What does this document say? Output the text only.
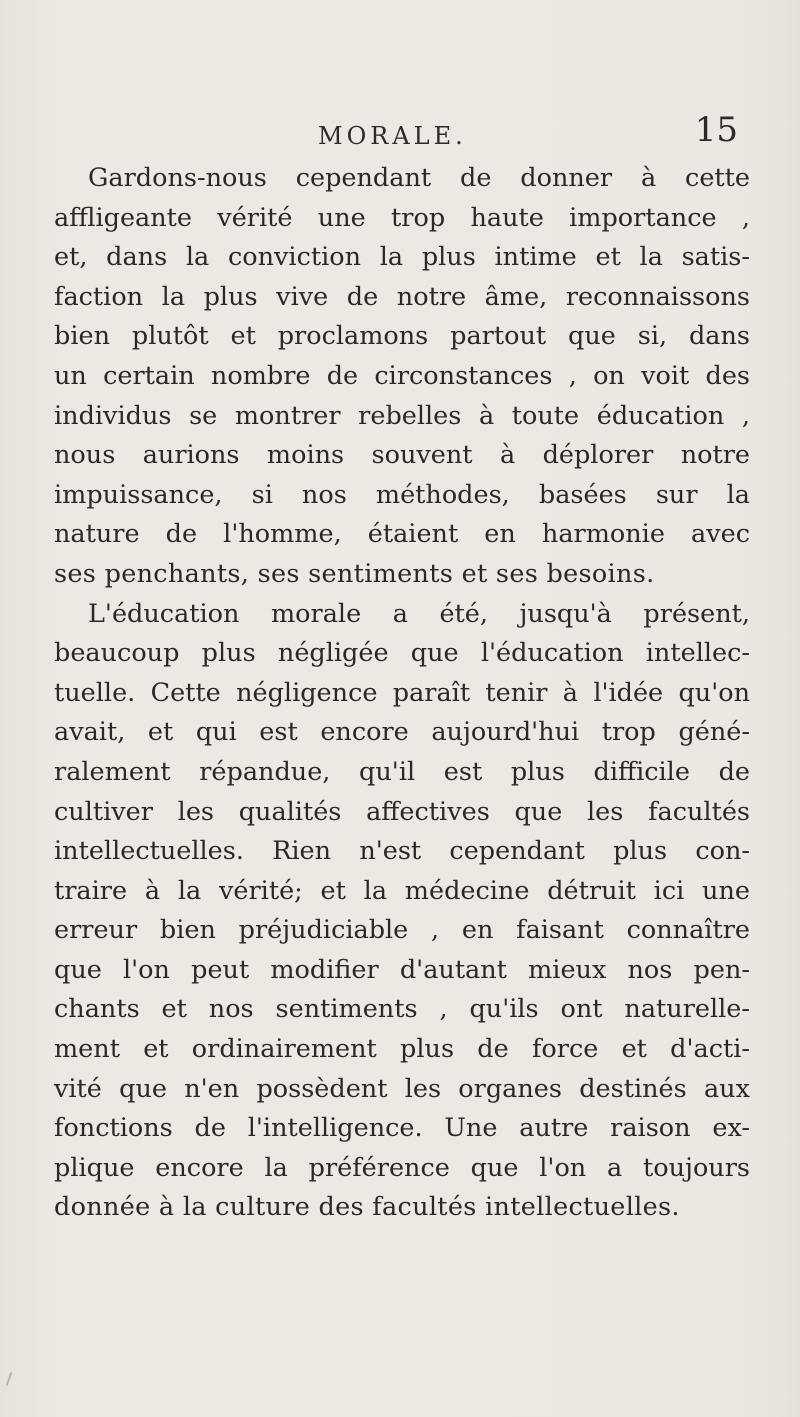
MORALE.	15
Gardons-nous cependant de donner à cette
affligeante vérité une trop haute importance ,
et, dans la conviction la plus intime et la satis-
faction la plus vive de notre âme, reconnaissons
bien plutôt et proclamons partout que si, dans
un certain nombre de circonstances , on voit des
individus se montrer rebelles à toute éducation ,
nous aurions moins souvent à déplorer notre
impuissance, si nos méthodes, basées sur la
nature de l'homme, étaient en harmonie avec
ses penchants, ses sentiments et ses besoins.
L'éducation morale a été, jusqu'à présent,
beaucoup plus négligée que l'éducation intellec-
tuelle. Cette négligence paraît tenir à l'idée qu'on
avait, et qui est encore aujourd'hui trop géné-
ralement répandue, qu'il est plus difficile de
cultiver les qualités affectives que les facultés
intellectuelles. Rien n'est cependant plus con-
traire à la vérité; et la médecine détruit ici une
erreur bien préjudiciable , en faisant connaître
que l'on peut modifier d'autant mieux nos pen-
chants et nos sentiments , qu'ils ont naturelle-
ment et ordinairement plus de force et d'acti-
vité que n'en possèdent les organes destinés aux
fonctions de l'intelligence. Une autre raison ex-
plique encore la préférence que l'on a toujours
donnée à la culture des facultés intellectuelles.
